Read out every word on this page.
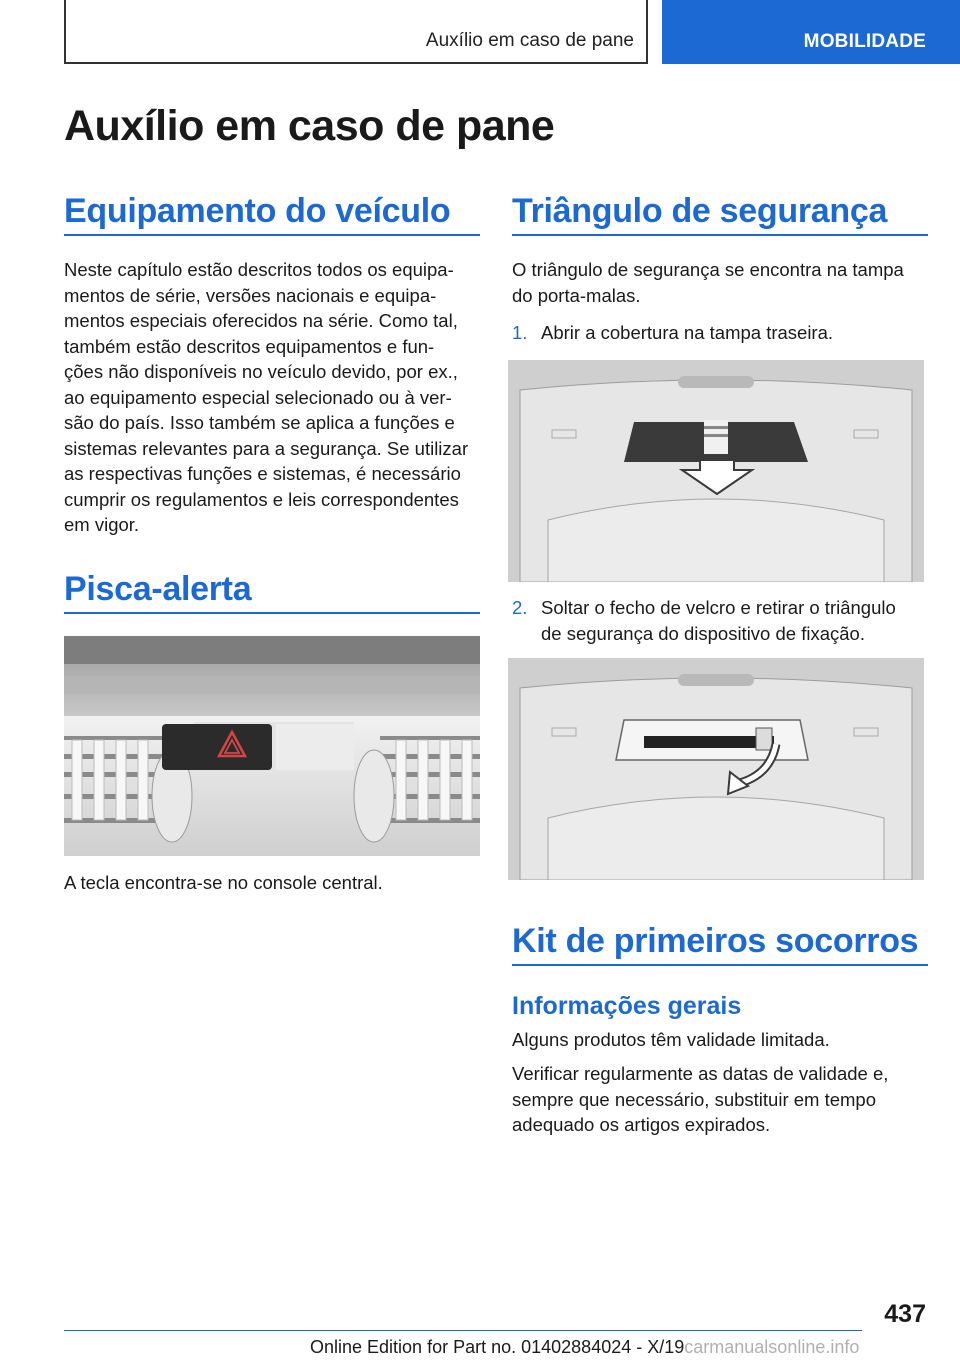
Auxílio em caso de pane	MOBILIDADE
Auxílio em caso de pane
Equipamento do veículo
Neste capítulo estão descritos todos os equipa-
mentos de série, versões nacionais e equipa-
mentos especiais oferecidos na série. Como tal,
também estão descritos equipamentos e fun-
ções não disponíveis no veículo devido, por ex.,
ao equipamento especial selecionado ou à ver-
são do país. Isso também se aplica a funções e
sistemas relevantes para a segurança. Se utilizar
as respectivas funções e sistemas, é necessário
cumprir os regulamentos e leis correspondentes
em vigor.
Pisca-alerta
A tecla encontra-se no console central.
Triângulo de segurança
O triângulo de segurança se encontra na tampa
do porta-malas.
1. Abrir a cobertura na tampa traseira.
2. Soltar o fecho de velcro e retirar o triângulo
de segurança do dispositivo de fixação.
Kit de primeiros socorros
Informações gerais
Alguns produtos têm validade limitada.
Verificar regularmente as datas de validade e,
sempre que necessário, substituir em tempo
adequado os artigos expirados.
437
Online Edition for Part no. 01402884024 - X/19carmanualsonline.info
